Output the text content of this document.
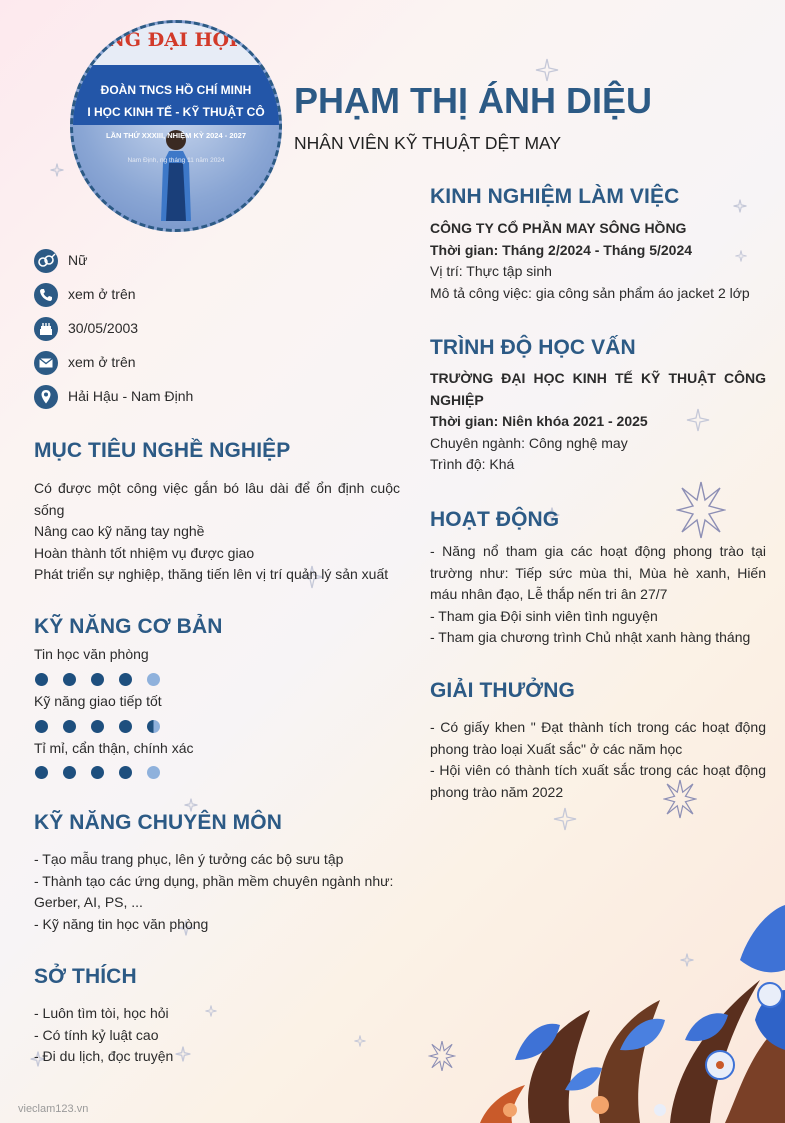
ƯNG ĐẠI HỘI Đ
ĐOÀN TNCS HỒ CHÍ MINH
I HỌC KINH TẾ - KỸ THUẬT CÔ
LẦN THỨ XXXIII, NHIỆM KỲ 2024 - 2027
Nam Định, ng tháng 11 năm 2024
PHẠM THỊ ÁNH DIỆU
NHÂN VIÊN KỸ THUẬT DỆT MAY
Nữ
xem ở trên
30/05/2003
xem ở trên
Hải Hậu - Nam Định
MỤC TIÊU NGHỀ NGHIỆP
Có được một công việc gắn bó lâu dài để ổn định cuộc sống
Nâng cao kỹ năng tay nghề
Hoàn thành tốt nhiệm vụ được giao
Phát triển sự nghiệp, thăng tiến lên vị trí quản lý sản xuất
KỸ NĂNG CƠ BẢN
Tin học văn phòng
Kỹ năng giao tiếp tốt
Tỉ mỉ, cẩn thận, chính xác
KỸ NĂNG CHUYÊN MÔN
- Tạo mẫu trang phục, lên ý tưởng các bộ sưu tập
- Thành tạo các ứng dụng, phần mềm chuyên ngành như: Gerber, AI, PS, ...
- Kỹ năng tin học văn phòng
SỞ THÍCH
- Luôn tìm tòi, học hỏi
- Có tính kỷ luật cao
- Đi du lịch, đọc truyện
KINH NGHIỆM LÀM VIỆC
CÔNG TY CỔ PHẦN MAY SÔNG HỒNG
Thời gian: Tháng 2/2024 - Tháng 5/2024
Vị trí: Thực tập sinh
Mô tả công việc: gia công sản phẩm áo jacket 2 lớp
TRÌNH ĐỘ HỌC VẤN
TRƯỜNG ĐẠI HỌC KINH TẾ KỸ THUẬT CÔNG NGHIỆP
Thời gian: Niên khóa 2021 - 2025
Chuyên ngành: Công nghệ may
Trình độ: Khá
HOẠT ĐỘNG
- Năng nổ tham gia các hoạt động phong trào tại trường như: Tiếp sức mùa thi, Mùa hè xanh, Hiến máu nhân đạo, Lễ thắp nến tri ân 27/7
- Tham gia Đội sinh viên tình nguyện
- Tham gia chương trình Chủ nhật xanh hàng tháng
GIẢI THƯỞNG
- Có giấy khen " Đạt thành tích trong các hoạt động phong trào loại Xuất sắc" ở các năm học
- Hội viên có thành tích xuất sắc trong các hoạt động phong trào năm 2022
vieclam123.vn
